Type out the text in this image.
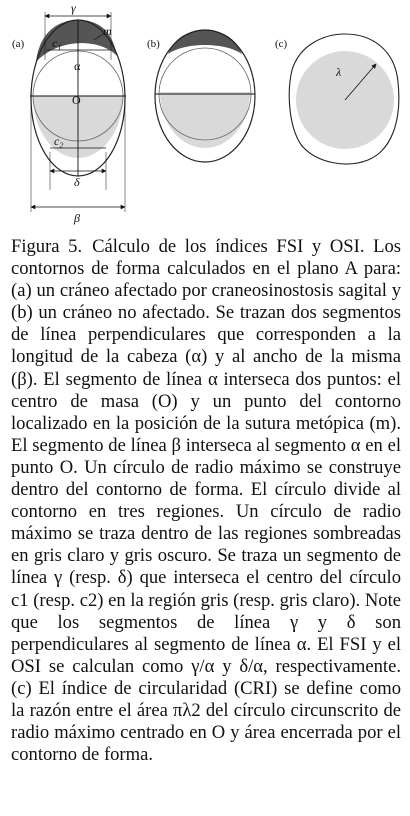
(a)
γ
$c_1$
m
α
O
$c_2$
δ
β
(b)	(c)
λ
Figura 5. Cálculo de los índices FSI y OSI. Los contornos de forma calculados en el plano A para: (a) un cráneo afectado por craneosinostosis sagital y (b) un cráneo no afectado. Se trazan dos segmentos de línea perpendiculares que corresponden a la longitud de la cabeza (α) y al ancho de la misma (β). El segmento de línea α interseca dos puntos: el centro de masa (O) y un punto del contorno localizado en la posición de la sutura metópica (m). El segmento de línea β interseca al segmento α en el punto O. Un círculo de radio máximo se construye dentro del contorno de forma. El círculo divide al contorno en tres regiones. Un círculo de radio máximo se traza dentro de las regiones sombreadas en gris claro y gris oscuro. Se traza un segmento de línea γ (resp. δ) que interseca el centro del círculo c1 (resp. c2) en la región gris (resp. gris claro). Note que los segmentos de línea γ y δ son perpendiculares al segmento de línea α. El FSI y el OSI se calculan como γ/α y δ/α, respectivamente. (c) El índice de circularidad (CRI) se define como la razón entre el área πλ2 del círculo circunscrito de radio máximo centrado en O y área encerrada por el contorno de forma.
